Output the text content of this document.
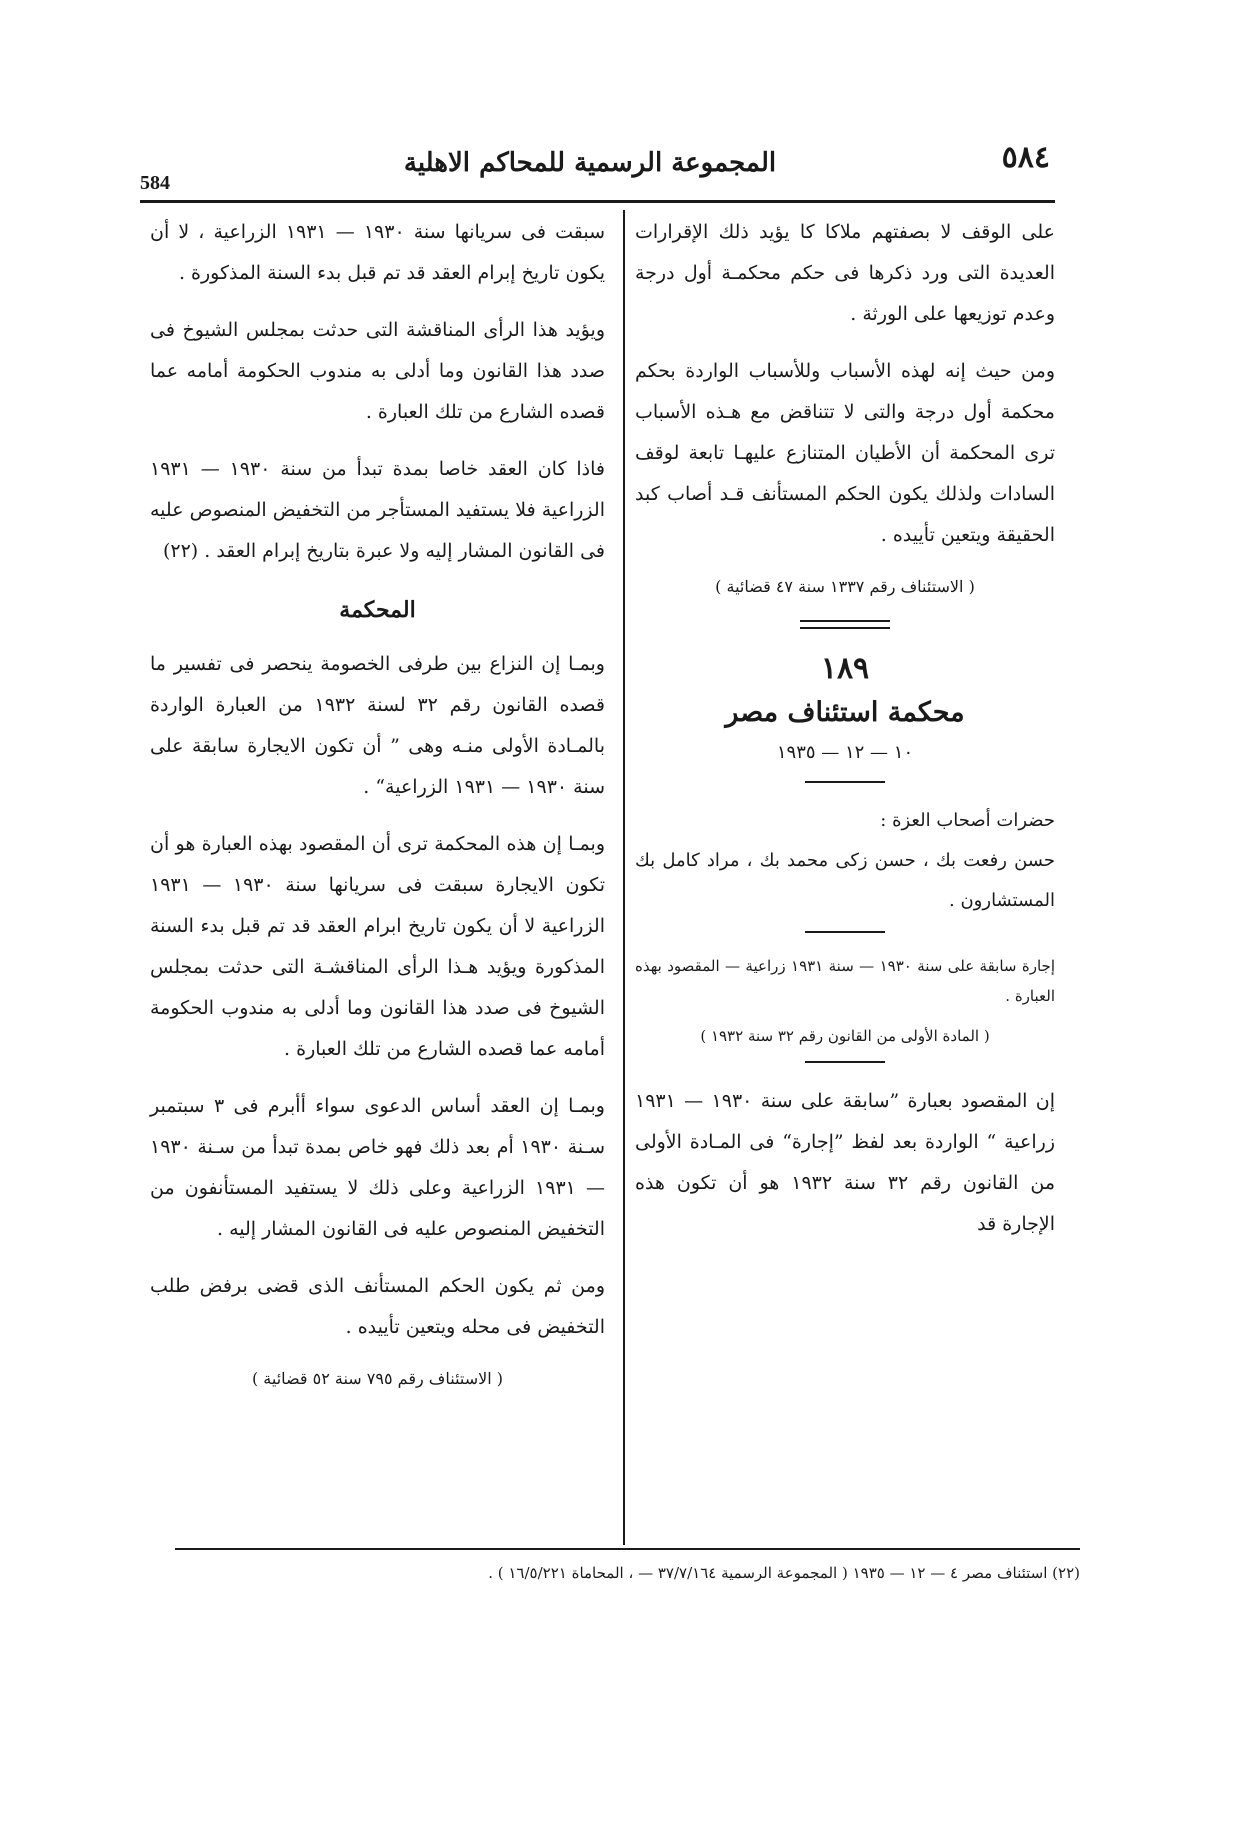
584
المجموعة الرسمية للمحاكم الاهلية	٥٨٤

على الوقف لا بصفتهم ملاكا كا يؤيد ذلك الإقرارات العديدة التى ورد ذكرها فى حكم محكمـة أول درجة وعدم توزيعها على الورثة .

ومن حيث إنه لهذه الأسباب وللأسباب الواردة بحكم محكمة أول درجة والتى لا تتناقض مع هـذه الأسباب ترى المحكمة أن الأطيان المتنازع عليهـا تابعة لوقف السادات ولذلك يكون الحكم المستأنف قـد أصاب كبد الحقيقة ويتعين تأييده .

( الاستئناف رقم ١٣٣٧ سنة ٤٧ قضائية )
١٨٩
محكمة استئناف مصر
١٠ — ١٢ — ١٩٣٥
حضرات أصحاب العزة :
حسن رفعت بك ، حسن زكى محمد بك ، مراد كامل بك المستشارون .
إجارة سابقة على سنة ١٩٣٠ — سنة ١٩٣١ زراعية — المقصود بهذه العبارة .
( المادة الأولى من القانون رقم ٣٢ سنة ١٩٣٢ )

إن المقصود بعبارة ”سابقة على سنة ١٩٣٠ — ١٩٣١ زراعية “ الواردة بعد لفظ ”إجارة“ فى المـادة الأولى من القانون رقم ٣٢ سنة ١٩٣٢ هو أن تكون هذه الإجارة قد

سبقت فى سريانها سنة ١٩٣٠ — ١٩٣١ الزراعية ، لا أن يكون تاريخ إبرام العقد قد تم قبل بدء السنة المذكورة .

ويؤيد هذا الرأى المناقشة التى حدثت بمجلس الشيوخ فى صدد هذا القانون وما أدلى به مندوب الحكومة أمامه عما قصده الشارع من تلك العبارة .

فاذا كان العقد خاصا بمدة تبدأ من سنة ١٩٣٠ — ١٩٣١ الزراعية فلا يستفيد المستأجر من التخفيض المنصوص عليه فى القانون المشار إليه ولا عبرة بتاريخ إبرام العقد . (٢٢)

المحكمة

وبمـا إن النزاع بين طرفى الخصومة ينحصر فى تفسير ما قصده القانون رقم ٣٢ لسنة ١٩٣٢ من العبارة الواردة بالمـادة الأولى منـه وهى ” أن تكون الايجارة سابقة على سنة ١٩٣٠ — ١٩٣١ الزراعية“ .

وبمـا إن هذه المحكمة ترى أن المقصود بهذه العبارة هو أن تكون الايجارة سبقت فى سريانها سنة ١٩٣٠ — ١٩٣١ الزراعية لا أن يكون تاريخ ابرام العقد قد تم قبل بدء السنة المذكورة ويؤيد هـذا الرأى المناقشـة التى حدثت بمجلس الشيوخ فى صدد هذا القانون وما أدلى به مندوب الحكومة أمامه عما قصده الشارع من تلك العبارة .

وبمـا إن العقد أساس الدعوى سواء أأبرم فى ٣ سبتمبر سـنة ١٩٣٠ أم بعد ذلك فهو خاص بمدة تبدأ من سـنة ١٩٣٠ — ١٩٣١ الزراعية وعلى ذلك لا يستفيد المستأنفون من التخفيض المنصوص عليه فى القانون المشار إليه .

ومن ثم يكون الحكم المستأنف الذى قضى برفض طلب التخفيض فى محله ويتعين تأييده .

( الاستئناف رقم ٧٩٥ سنة ٥٢ قضائية )

(٢٢) استئناف مصر ٤ — ١٢ — ١٩٣٥ ( المجموعة الرسمية ٣٧/٧/١٦٤ — ، المحاماة ١٦/٥/٢٢١ ) .
